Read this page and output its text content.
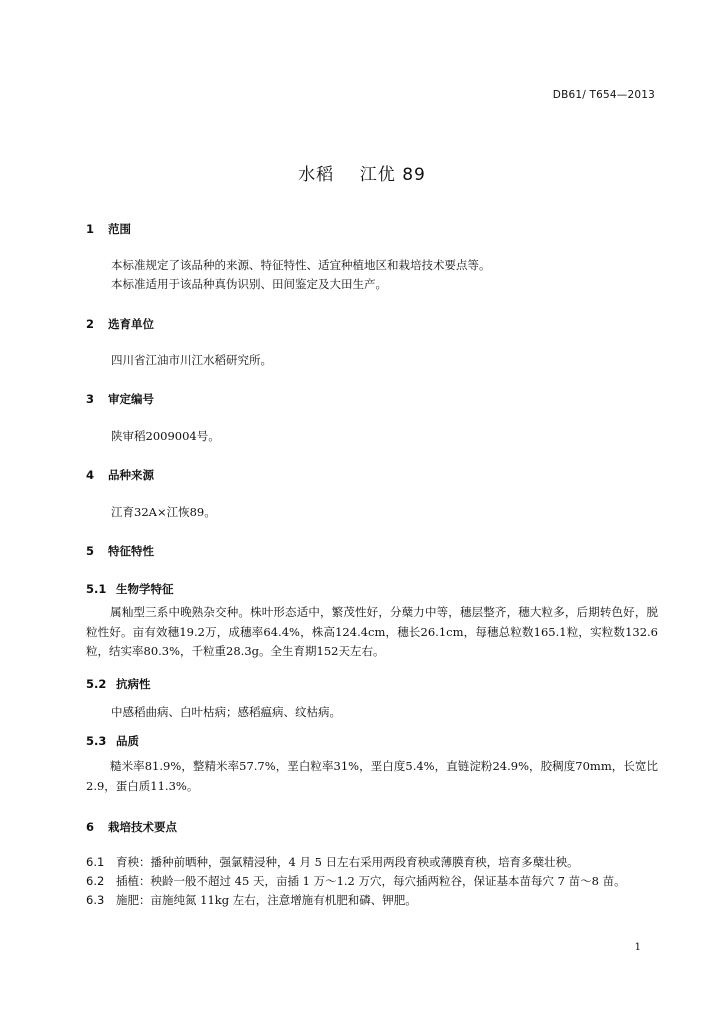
DB61/ T654—2013
水稻    江优 89
1 范围
本标准规定了该品种的来源、特征特性、适宜种植地区和栽培技术要点等。
本标准适用于该品种真伪识别、田间鉴定及大田生产。
2 选育单位
四川省江油市川江水稻研究所。
3 审定编号
陕审稻2009004号。
4 品种来源
江育32A×江恢89。
5 特征特性
5.1 生物学特征
属籼型三系中晚熟杂交种。株叶形态适中，繁茂性好，分蘖力中等，穗层整齐，穗大粒多，后期转色好，脱粒性好。亩有效穗19.2万，成穗率64.4%，株高124.4cm，穗长26.1cm，每穗总粒数165.1粒，实粒数132.6粒，结实率80.3%，千粒重28.3g。全生育期152天左右。
5.2 抗病性
中感稻曲病、白叶枯病；感稻瘟病、纹枯病。
5.3 品质
糙米率81.9%，整精米率57.7%，垩白粒率31%，垩白度5.4%，直链淀粉24.9%，胶稠度70mm，长宽比2.9，蛋白质11.3%。
6 栽培技术要点
6.1 育秧：播种前晒种，强氯精浸种，4 月 5 日左右采用两段育秧或薄膜育秧，培育多蘖壮秧。
6.2 插植：秧龄一般不超过 45 天，亩插 1 万～1.2 万穴，每穴插两粒谷，保证基本苗每穴 7 苗～8 苗。
6.3 施肥：亩施纯氮 11kg 左右，注意增施有机肥和磷、钾肥。
1
